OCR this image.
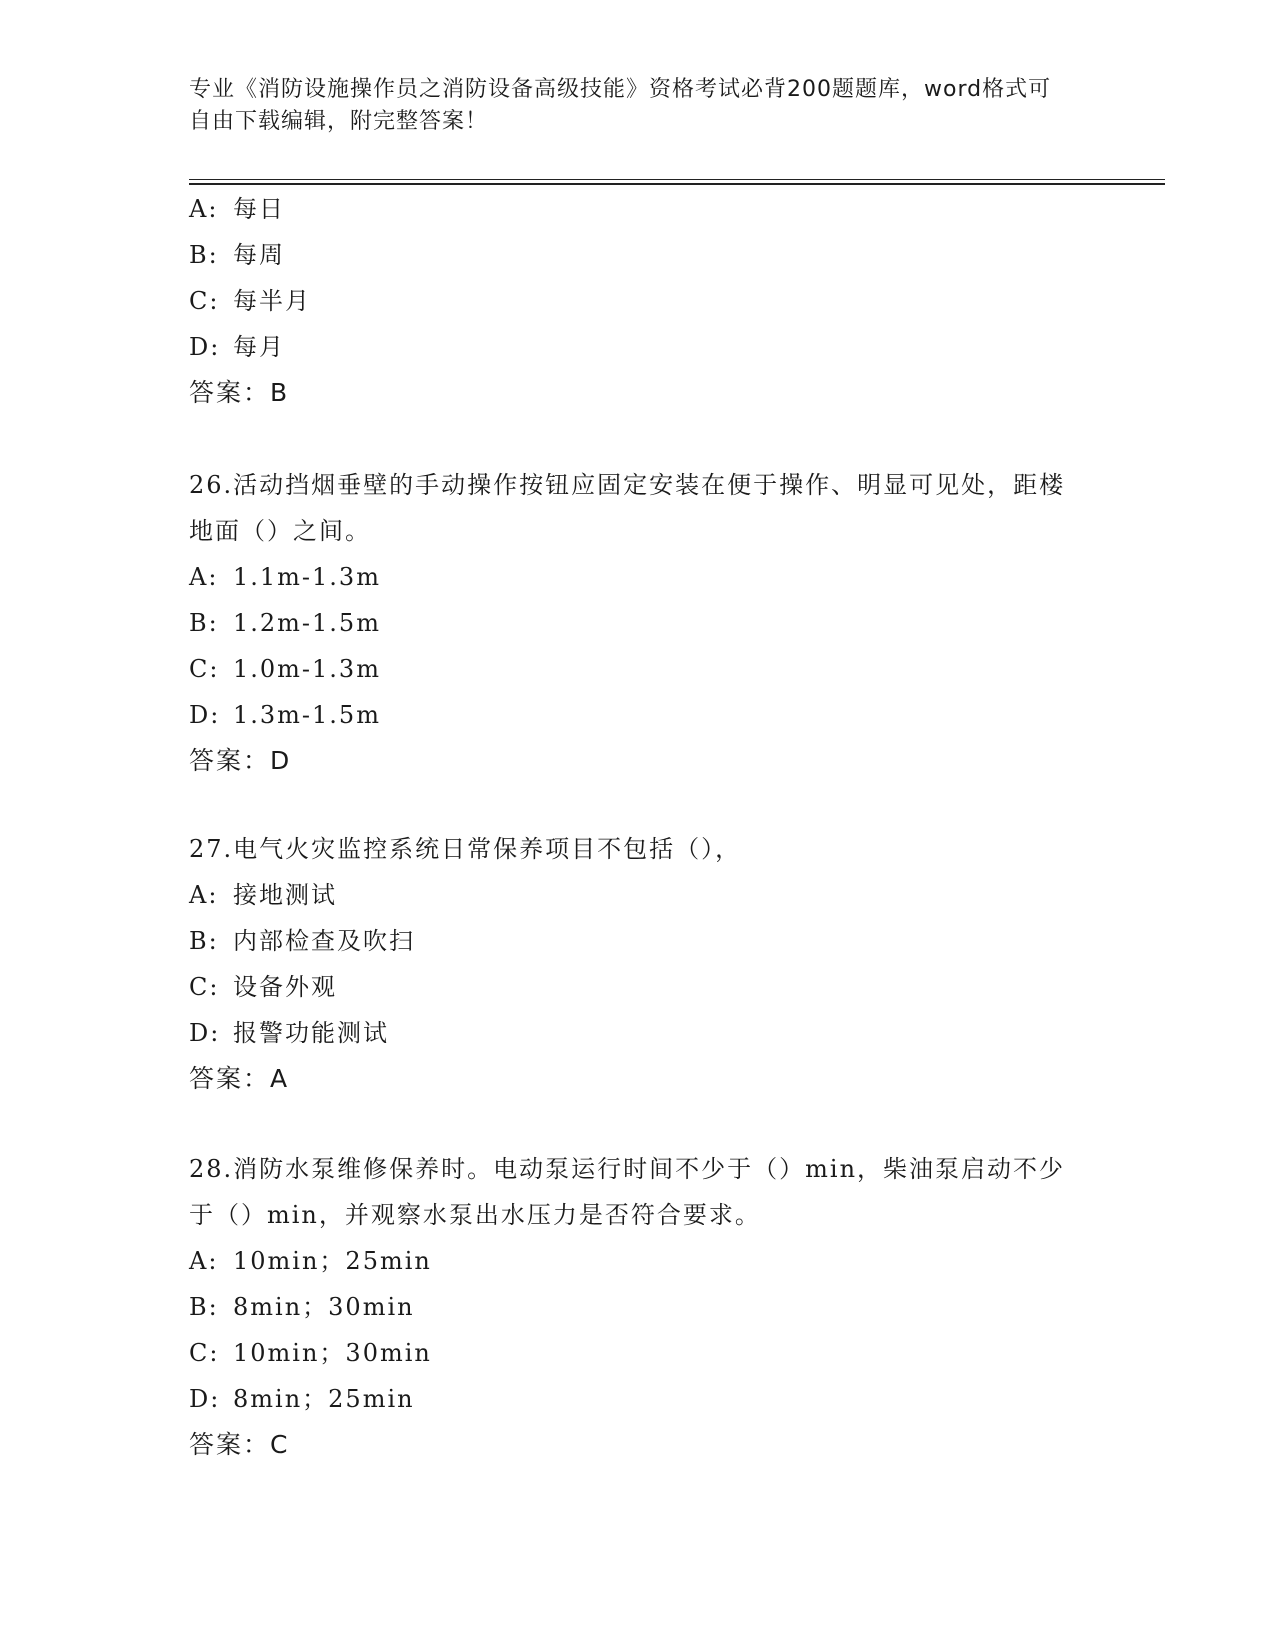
专业《消防设施操作员之消防设备高级技能》资格考试必背200题题库，word格式可自由下载编辑，附完整答案！
A: 每日
B: 每周
C: 每半月
D: 每月
答案：B
26.活动挡烟垂壁的手动操作按钮应固定安装在便于操作、明显可见处，距楼地面（）之间。
A: 1.1m-1.3m
B: 1.2m-1.5m
C: 1.0m-1.3m
D: 1.3m-1.5m
答案：D
27.电气火灾监控系统日常保养项目不包括（），
A: 接地测试
B: 内部检查及吹扫
C: 设备外观
D: 报警功能测试
答案：A
28.消防水泵维修保养时。电动泵运行时间不少于（）min，柴油泵启动不少于（）min，并观察水泵出水压力是否符合要求。
A: 10min；25min
B: 8min；30min
C: 10min；30min
D: 8min；25min
答案：C
